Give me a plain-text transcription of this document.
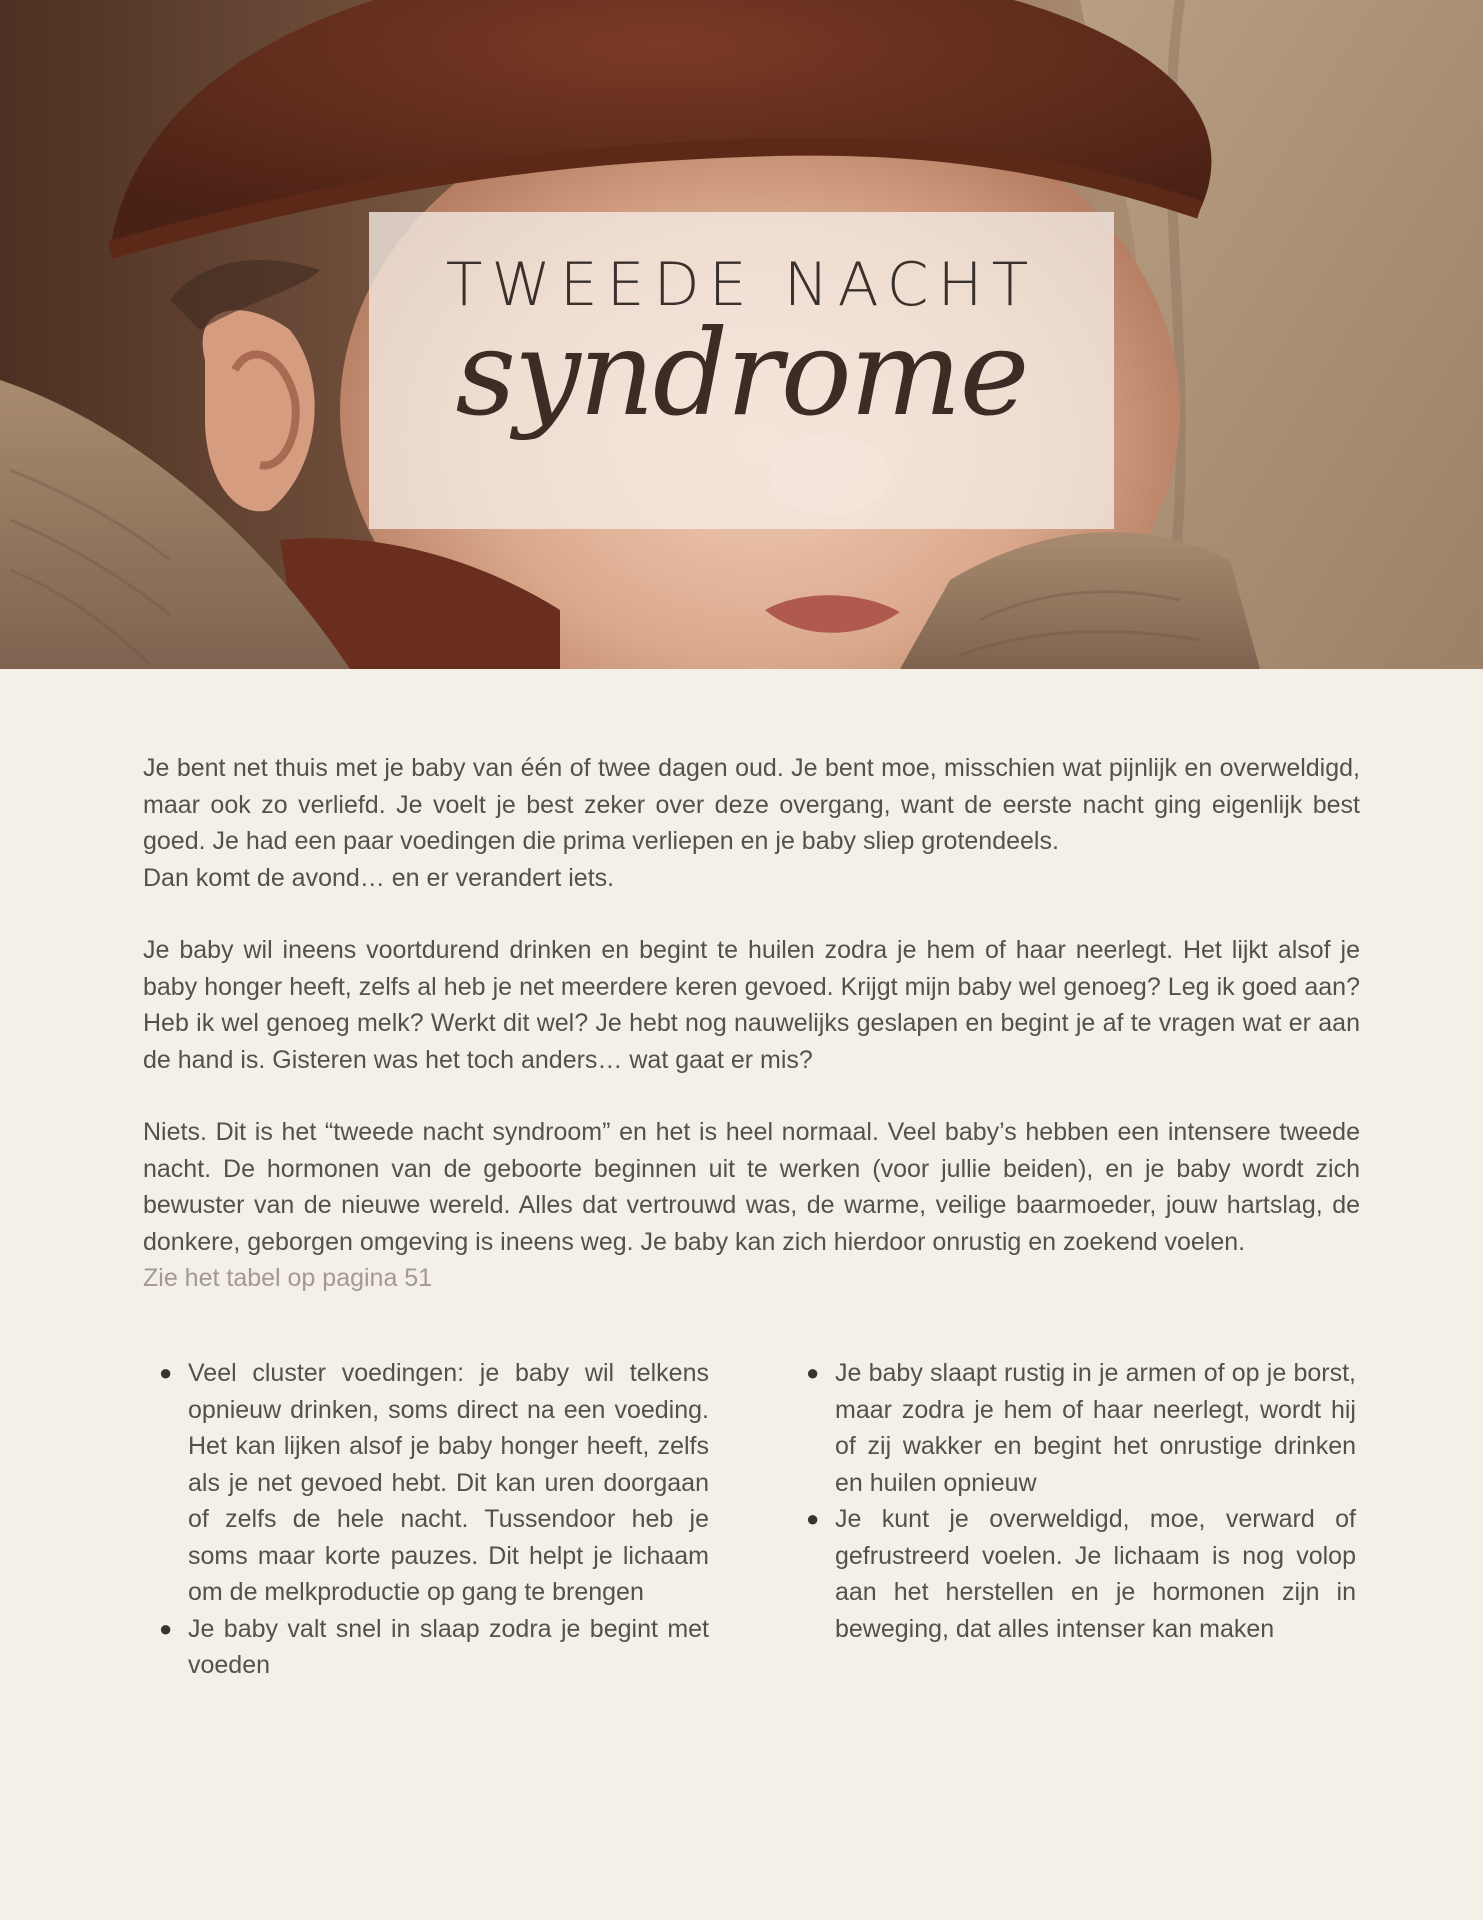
TWEEDE NACHT
syndrome

Je bent net thuis met je baby van één of twee dagen oud. Je bent moe, misschien wat pijnlijk en overweldigd, maar ook zo verliefd. Je voelt je best zeker over deze overgang, want de eerste nacht ging eigenlijk best goed. Je had een paar voedingen die prima verliepen en je baby sliep grotendeels.
Dan komt de avond… en er verandert iets.

Je baby wil ineens voortdurend drinken en begint te huilen zodra je hem of haar neerlegt. Het lijkt alsof je baby honger heeft, zelfs al heb je net meerdere keren gevoed. Krijgt mijn baby wel genoeg? Leg ik goed aan? Heb ik wel genoeg melk? Werkt dit wel? Je hebt nog nauwelijks geslapen en begint je af te vragen wat er aan de hand is. Gisteren was het toch anders… wat gaat er mis?

Niets. Dit is het “tweede nacht syndroom” en het is heel normaal. Veel baby’s hebben een intensere tweede nacht. De hormonen van de geboorte beginnen uit te werken (voor jullie beiden), en je baby wordt zich bewuster van de nieuwe wereld. Alles dat vertrouwd was, de warme, veilige baarmoeder, jouw hartslag, de donkere, geborgen omgeving is ineens weg. Je baby kan zich hierdoor onrustig en zoekend voelen.

Zie het tabel op pagina 51
● Veel cluster voedingen: je baby wil telkens opnieuw drinken, soms direct na een voeding. Het kan lijken alsof je baby honger heeft, zelfs als je net gevoed hebt. Dit kan uren doorgaan of zelfs de hele nacht. Tussendoor heb je soms maar korte pauzes. Dit helpt je lichaam om de melkproductie op gang te brengen
● Je baby valt snel in slaap zodra je begint met voeden
● Je baby slaapt rustig in je armen of op je borst, maar zodra je hem of haar neerlegt, wordt hij of zij wakker en begint het onrustige drinken en huilen opnieuw
● Je kunt je overweldigd, moe, verward of gefrustreerd voelen. Je lichaam is nog volop aan het herstellen en je hormonen zijn in beweging, dat alles intenser kan maken
